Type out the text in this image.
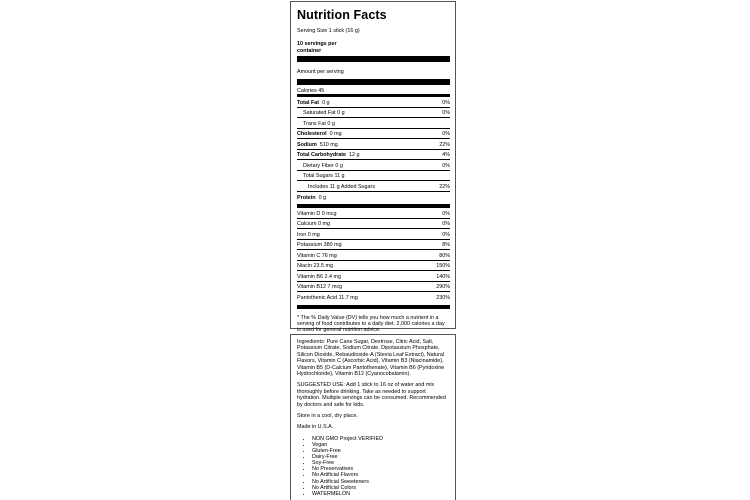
Nutrition Facts
Serving Size 1 stick (16 g)
10 servings per container
Amount per serving
Calories 45
Total Fat 0 g	0%
Saturated Fat 0 g	0%
Trans Fat 0 g
Cholesterol 0 mg	0%
Sodium 510 mg	22%
Total Carbohydrate 12 g	4%
Dietary Fiber 0 g	0%
Total Sugars 11 g
Includes 11 g Added Sugars	22%
Protein 0 g
Vitamin D 0 mcg	0%
Calcium 0 mg	0%
Iron 0 mg	0%
Potassium 380 mg	8%
Vitamin C 76 mg	80%
Niacin 23.5 mg	150%
Vitamin B6 2.4 mg	140%
Vitamin B12 7 mcg	290%
Pantothenic Acid 11.7 mg	230%
* The % Daily Value (DV) tells you how much a nutrient in a serving of food contributes to a daily diet. 2,000 calories a day is used for general nutrition advice.

Ingredients: Pure Cane Sugar, Dextrose, Citric Acid, Salt, Potassium Citrate, Sodium Citrate, Dipotassium Phosphate, Silicon Dioxide, Rebaudioside-A (Stevia Leaf Extract), Natural Flavors, Vitamin C (Ascorbic Acid), Vitamin B3 (Niacinamide), Vitamin B5 (D-Calcium Pantothenate), Vitamin B6 (Pyridoxine Hydrochloride), Vitamin B12 (Cyanocobalamin).

SUGGESTED USE: Add 1 stick to 16 oz of water and mix thoroughly before drinking. Take as needed to support hydration. Multiple servings can be consumed. Recommended by doctors and safe for kids.

Store in a cool, dry place.

Made in U.S.A.

• NON GMO Project VERIFIED
• Vegan
• Gluten-Free
• Dairy-Free
• Soy-Free
• No Preservatives
• No Artificial Flavors
• No Artificial Sweeteners
• No Artificial Colors
• WATERMELON
